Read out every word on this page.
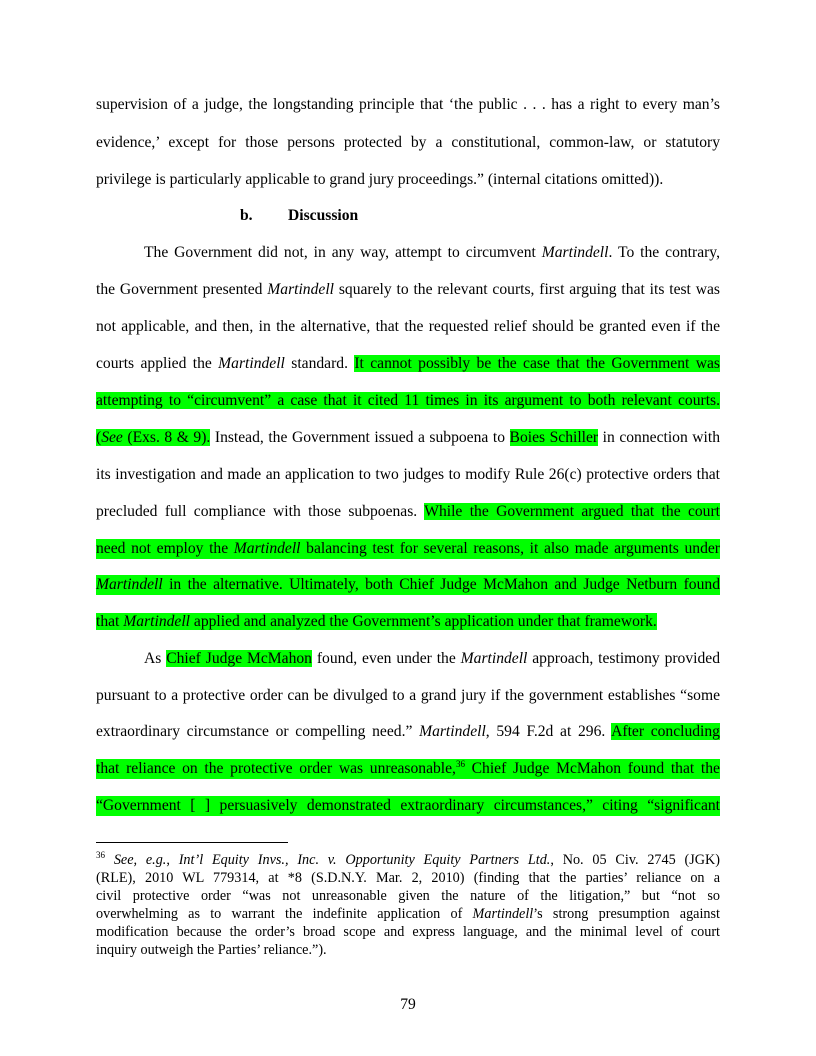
supervision of a judge, the longstanding principle that ‘the public . . . has a right to every man’s
evidence,’ except for those persons protected by a constitutional, common-law, or statutory
privilege is particularly applicable to grand jury proceedings.” (internal citations omitted)).
b. Discussion
The Government did not, in any way, attempt to circumvent Martindell. To the contrary,
the Government presented Martindell squarely to the relevant courts, first arguing that its test was
not applicable, and then, in the alternative, that the requested relief should be granted even if the
courts applied the Martindell standard. It cannot possibly be the case that the Government was
attempting to “circumvent” a case that it cited 11 times in its argument to both relevant courts.
(See (Exs. 8 & 9). Instead, the Government issued a subpoena to Boies Schiller in connection with
its investigation and made an application to two judges to modify Rule 26(c) protective orders that
precluded full compliance with those subpoenas. While the Government argued that the court
need not employ the Martindell balancing test for several reasons, it also made arguments under
Martindell in the alternative. Ultimately, both Chief Judge McMahon and Judge Netburn found
that Martindell applied and analyzed the Government’s application under that framework.
As Chief Judge McMahon found, even under the Martindell approach, testimony provided
pursuant to a protective order can be divulged to a grand jury if the government establishes “some
extraordinary circumstance or compelling need.” Martindell, 594 F.2d at 296. After concluding
that reliance on the protective order was unreasonable,$^{36}$ Chief Judge McMahon found that the
“Government [ ] persuasively demonstrated extraordinary circumstances,” citing “significant
$^{36}$ See, e.g., Int’l Equity Invs., Inc. v. Opportunity Equity Partners Ltd., No. 05 Civ. 2745 (JGK)
(RLE), 2010 WL 779314, at *8 (S.D.N.Y. Mar. 2, 2010) (finding that the parties’ reliance on a
civil protective order “was not unreasonable given the nature of the litigation,” but “not so
overwhelming as to warrant the indefinite application of Martindell’s strong presumption against
modification because the order’s broad scope and express language, and the minimal level of court
inquiry outweigh the Parties’ reliance.”).
79
